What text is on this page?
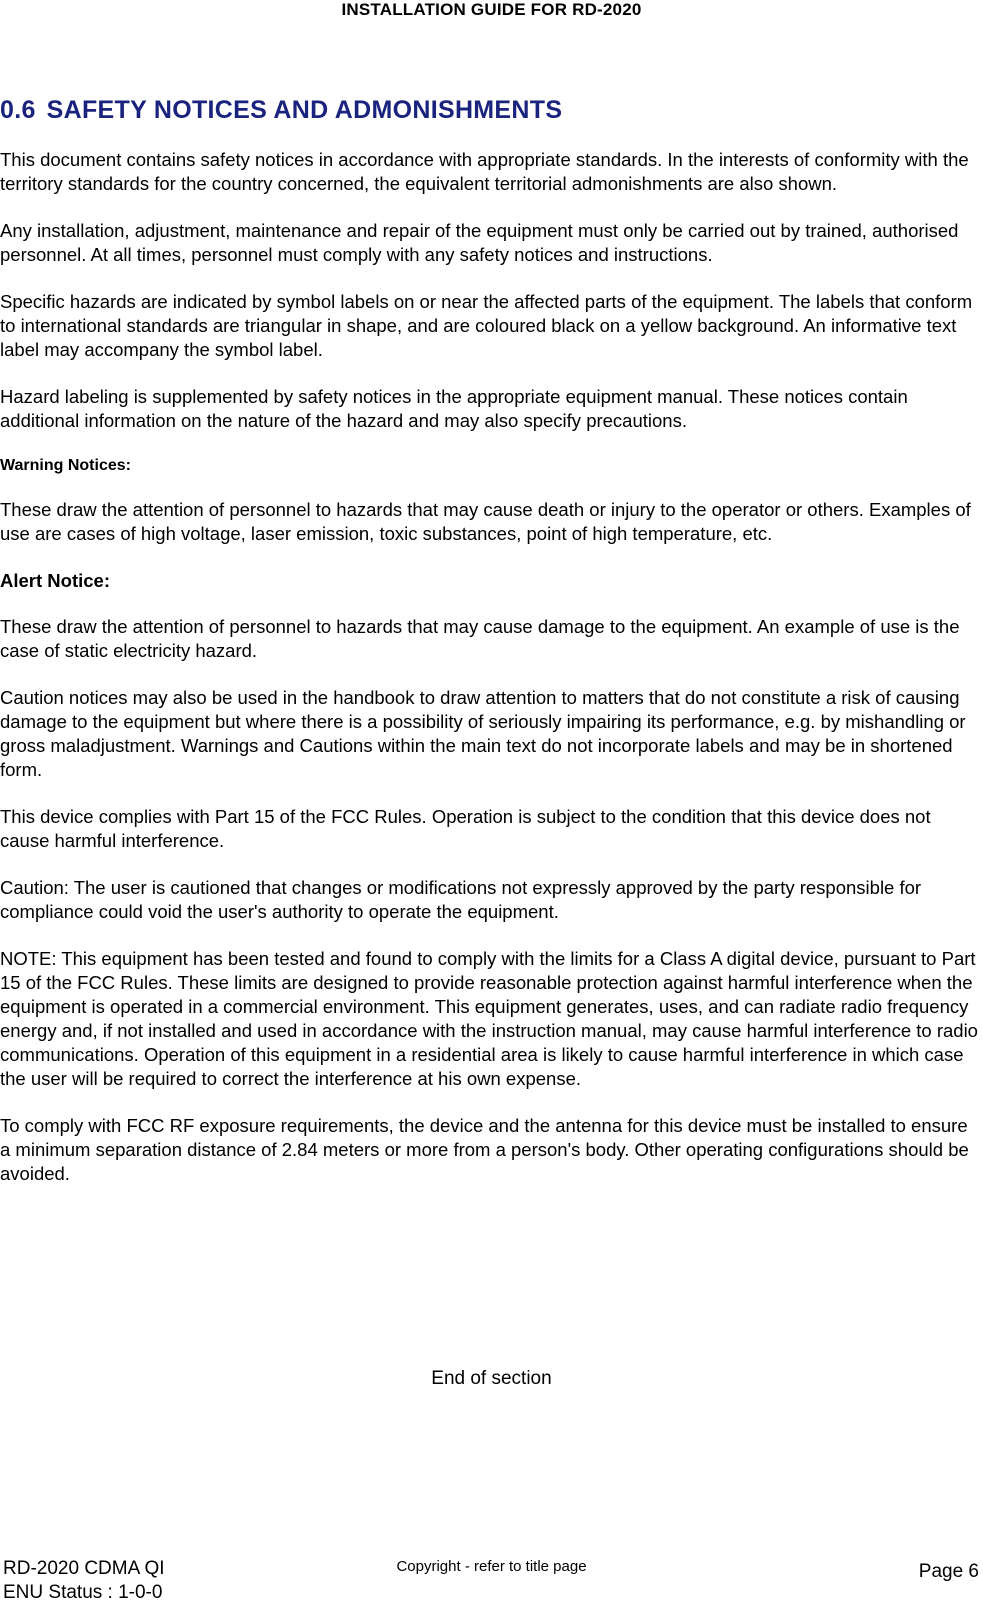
INSTALLATION GUIDE FOR RD-2020
0.6 SAFETY NOTICES AND ADMONISHMENTS

This document contains safety notices in accordance with appropriate standards. In the interests of conformity with the territory standards for the country concerned, the equivalent territorial admonishments are also shown.

Any installation, adjustment, maintenance and repair of the equipment must only be carried out by trained, authorised personnel. At all times, personnel must comply with any safety notices and instructions.

Specific hazards are indicated by symbol labels on or near the affected parts of the equipment. The labels that conform to international standards are triangular in shape, and are coloured black on a yellow background. An informative text label may accompany the symbol label.

Hazard labeling is supplemented by safety notices in the appropriate equipment manual. These notices contain additional information on the nature of the hazard and may also specify precautions.

Warning Notices:

These draw the attention of personnel to hazards that may cause death or injury to the operator or others. Examples of use are cases of high voltage, laser emission, toxic substances, point of high temperature, etc.

Alert Notice:

These draw the attention of personnel to hazards that may cause damage to the equipment. An example of use is the case of static electricity hazard.

Caution notices may also be used in the handbook to draw attention to matters that do not constitute a risk of causing damage to the equipment but where there is a possibility of seriously impairing its performance, e.g. by mishandling or gross maladjustment. Warnings and Cautions within the main text do not incorporate labels and may be in shortened form.

This device complies with Part 15 of the FCC Rules. Operation is subject to the condition that this device does not cause harmful interference.

Caution: The user is cautioned that changes or modifications not expressly approved by the party responsible for compliance could void the user's authority to operate the equipment.

NOTE: This equipment has been tested and found to comply with the limits for a Class A digital device, pursuant to Part 15 of the FCC Rules. These limits are designed to provide reasonable protection against harmful interference when the equipment is operated in a commercial environment. This equipment generates, uses, and can radiate radio frequency energy and, if not installed and used in accordance with the instruction manual, may cause harmful interference to radio communications. Operation of this equipment in a residential area is likely to cause harmful interference in which case the user will be required to correct the interference at his own expense.

To comply with FCC RF exposure requirements, the device and the antenna for this device must be installed to ensure a minimum separation distance of 2.84 meters or more from a person's body. Other operating configurations should be avoided.

End of section
RD-2020 CDMA QI
ENU Status : 1-0-0
Copyright - refer to title page	Page 6
